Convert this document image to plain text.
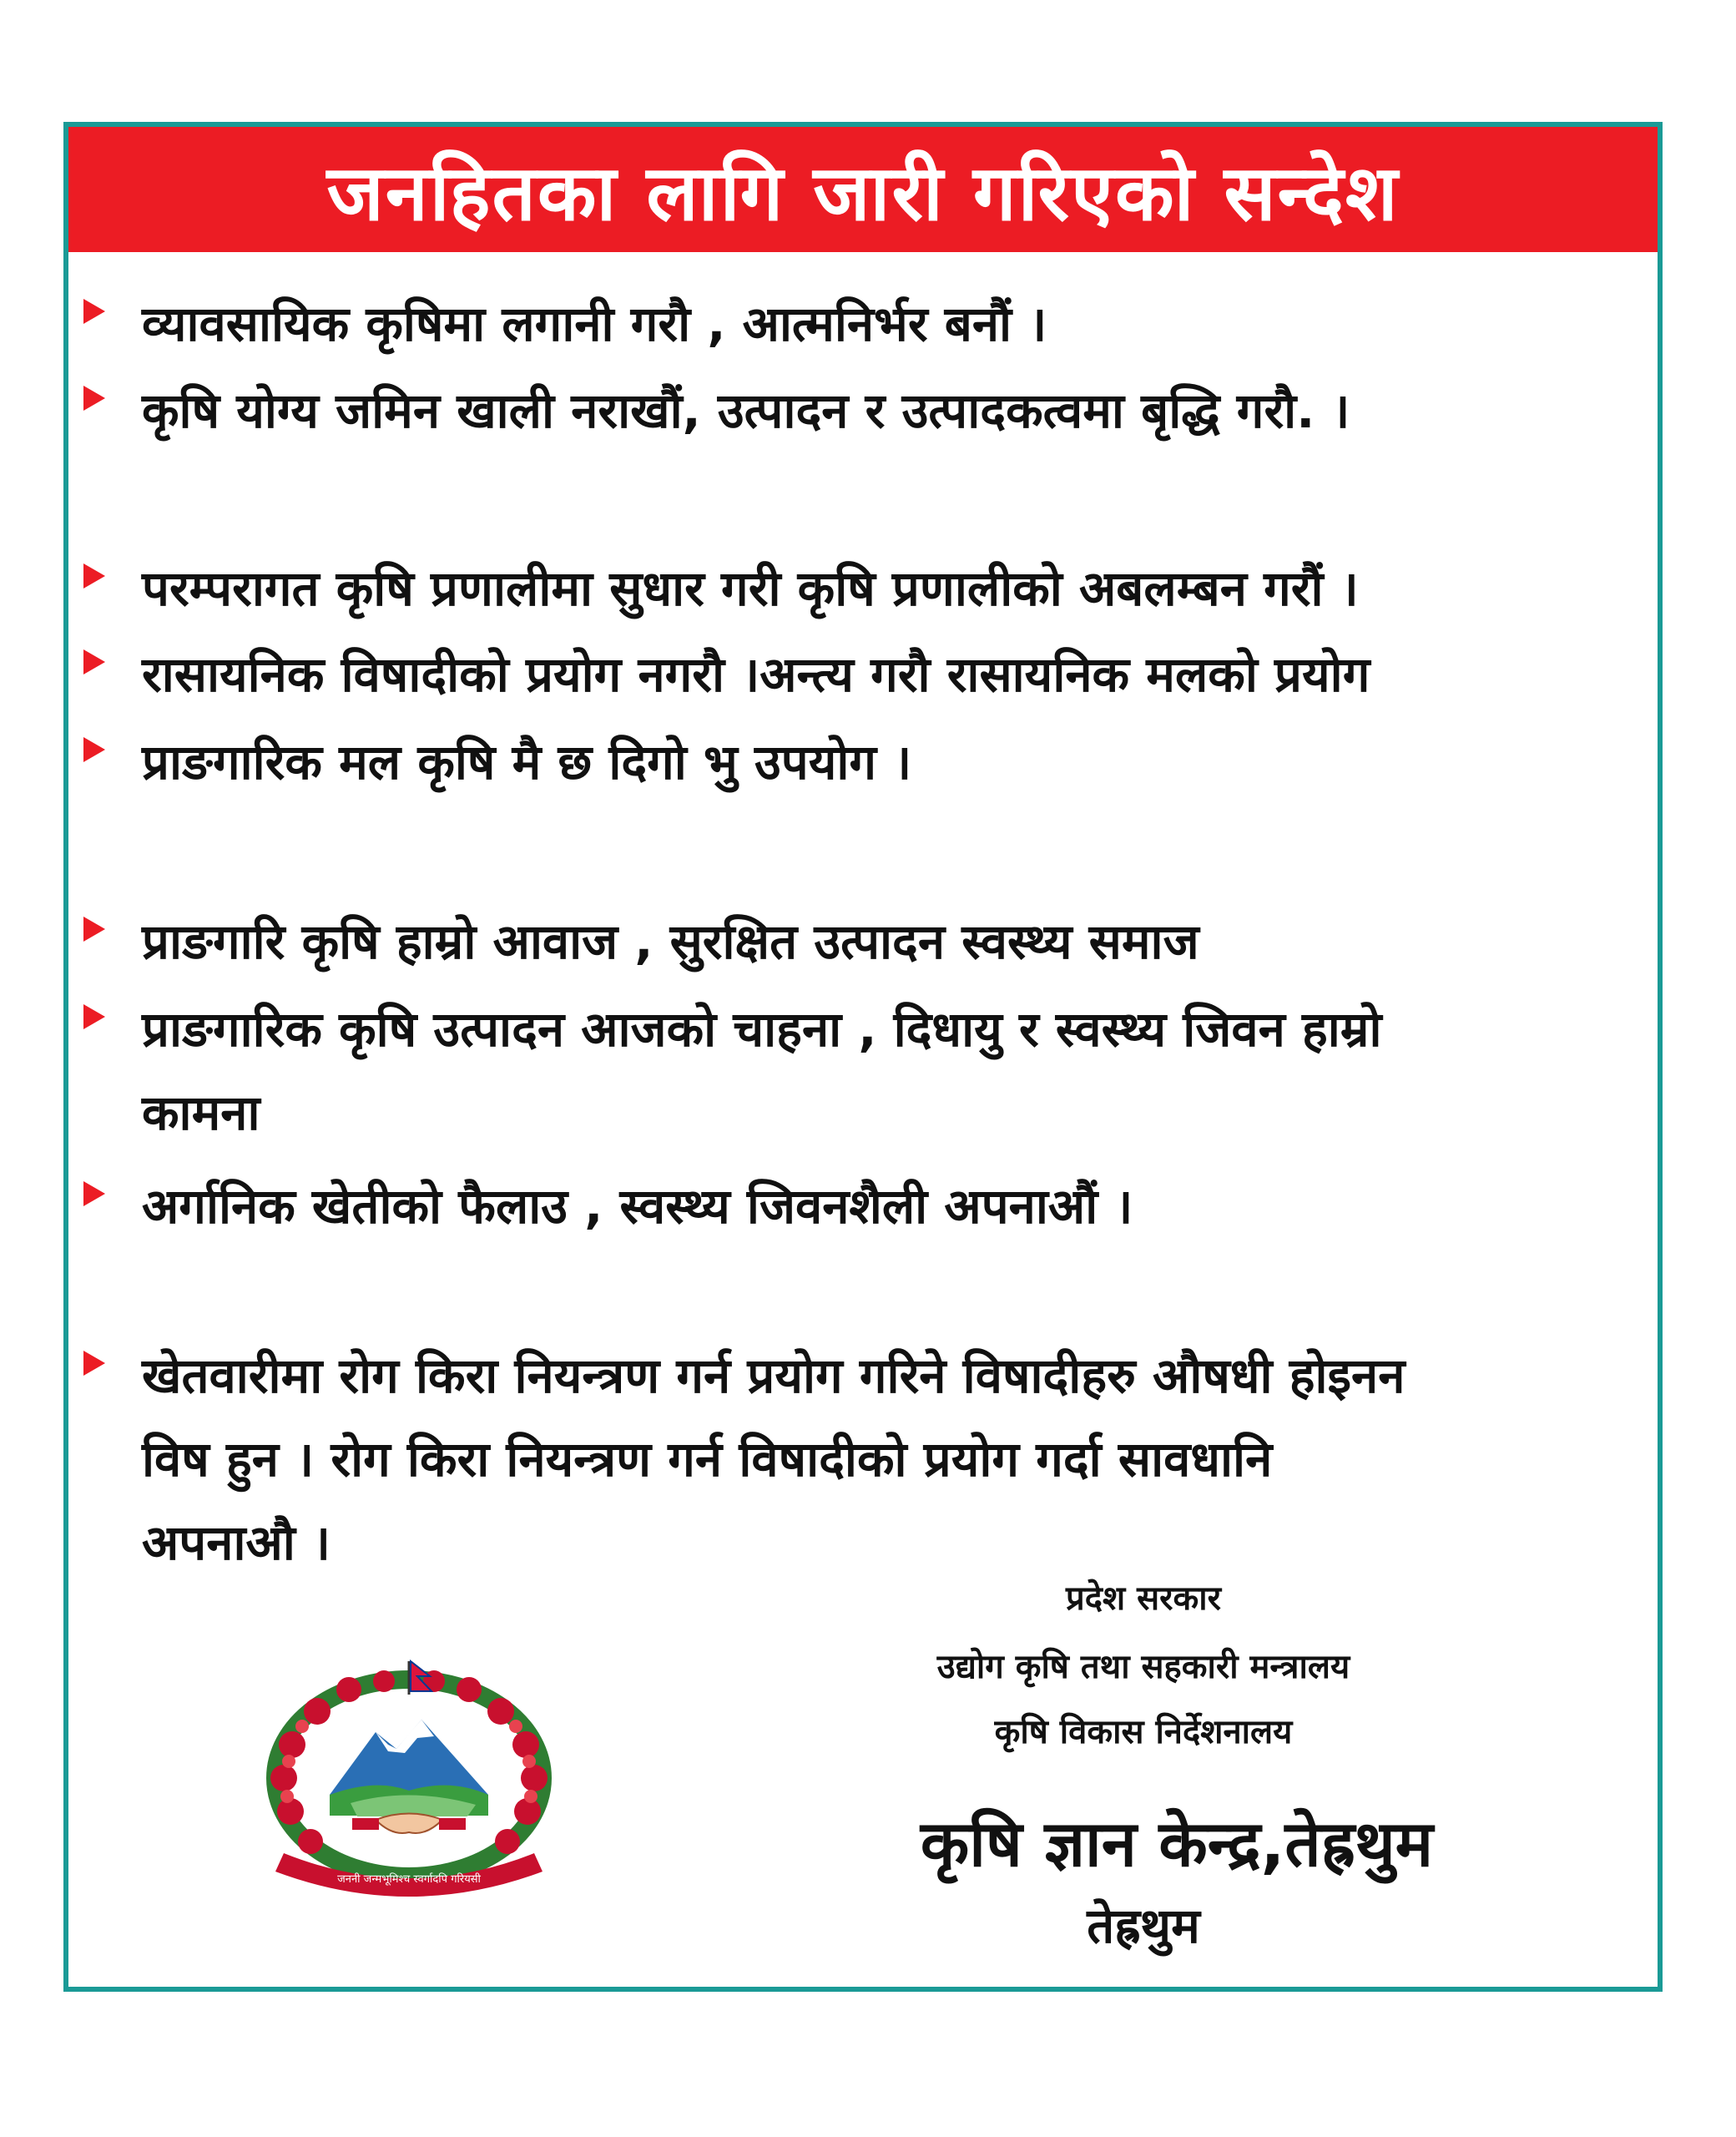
जनहितका लागि जारी गरिएको सन्देश
व्यावसायिक कृषिमा लगानी गरौ , आत्मनिर्भर बनौं ।
कृषि योग्य जमिन खाली नराखौं, उत्पादन र उत्पादकत्वमा बृद्धि गरौ. ।
परम्परागत कृषि प्रणालीमा सुधार गरी कृषि प्रणालीको अबलम्बन गरौं ।
रासायनिक विषादीको प्रयोग नगरौ ।अन्त्य गरौ रासायनिक मलको प्रयोग
प्राङगारिक मल कृषि मै छ दिगो भु उपयोग ।
प्राङगारि कृषि हाम्रो आवाज , सुरक्षित उत्पादन स्वस्थ्य समाज
प्राङगारिक कृषि उत्पादन आजको चाहना , दिधायु र स्वस्थ्य जिवन हाम्रो
कामना
अर्गानिक खेतीको फैलाउ , स्वस्थ्य जिवनशैली अपनाऔं ।
खेतवारीमा रोग किरा नियन्त्रण गर्न प्रयोग गरिने विषादीहरु औषधी होइनन
विष हुन । रोग किरा नियन्त्रण गर्न विषादीको प्रयोग गर्दा सावधानि
अपनाऔ ।
जननी जन्मभूमिश्च स्वर्गादपि गरियसी
प्रदेश सरकार
उद्योग कृषि तथा सहकारी मन्त्रालय
कृषि विकास निर्देशनालय
कृषि ज्ञान केन्द्र,तेह्रथुम
तेह्रथुम
